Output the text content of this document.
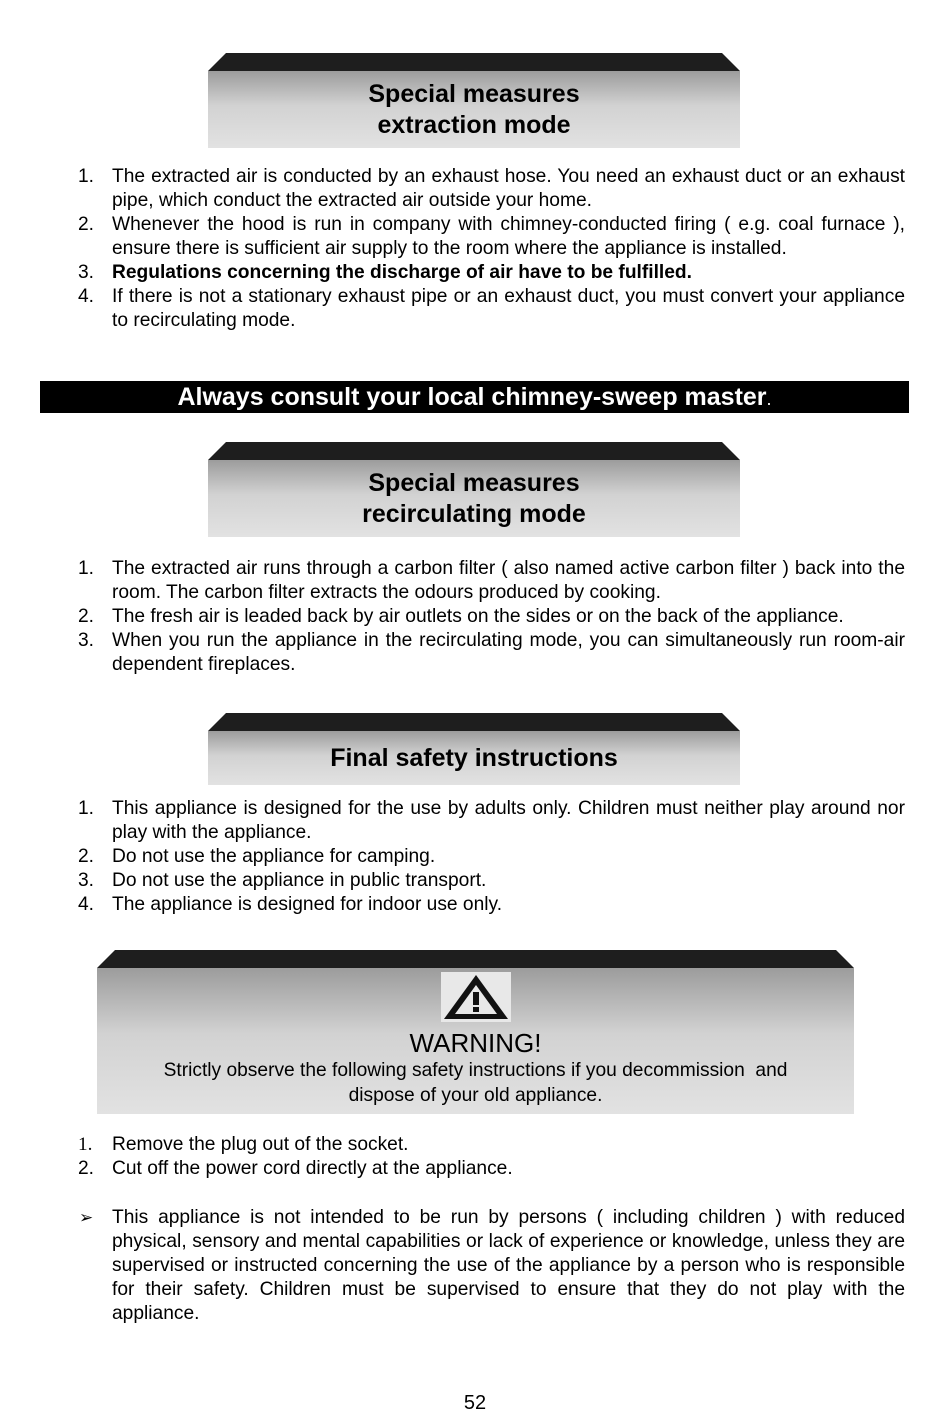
Special measures
extraction mode
1. The extracted air is conducted by an exhaust hose. You need an exhaust duct or an exhaust pipe, which conduct the extracted air outside your home.
2. Whenever the hood is run in company with chimney-conducted firing ( e.g. coal furnace ), ensure there is sufficient air supply to the room where the appliance is installed.
3. Regulations concerning the discharge of air have to be fulfilled.
4. If there is not a stationary exhaust pipe or an exhaust duct, you must convert your appliance to recirculating mode.
Always consult your local chimney-sweep master.
Special measures
recirculating mode
1. The extracted air runs through a carbon filter ( also named active carbon filter ) back into the room. The carbon filter extracts the odours produced by cooking.
2. The fresh air is leaded back by air outlets on the sides or on the back of the appliance.
3. When you run the appliance in the recirculating mode, you can simultaneously run room-air dependent fireplaces.
Final safety instructions
1. This appliance is designed for the use by adults only. Children must neither play around nor play with the appliance.
2. Do not use the appliance for camping.
3. Do not use the appliance in public transport.
4. The appliance is designed for indoor use only.
WARNING!
Strictly observe the following safety instructions if you decommission  and
dispose of your old appliance.
1.	Remove the plug out of the socket.
2. Cut off the power cord directly at the appliance.
➢ This appliance is not intended to be run by persons ( including children ) with reduced physical, sensory and mental capabilities or lack of experience or knowledge, unless they are supervised or instructed concerning the use of the appliance by a person who is responsible for their safety. Children must be supervised to ensure that they do not play with the appliance.
52
